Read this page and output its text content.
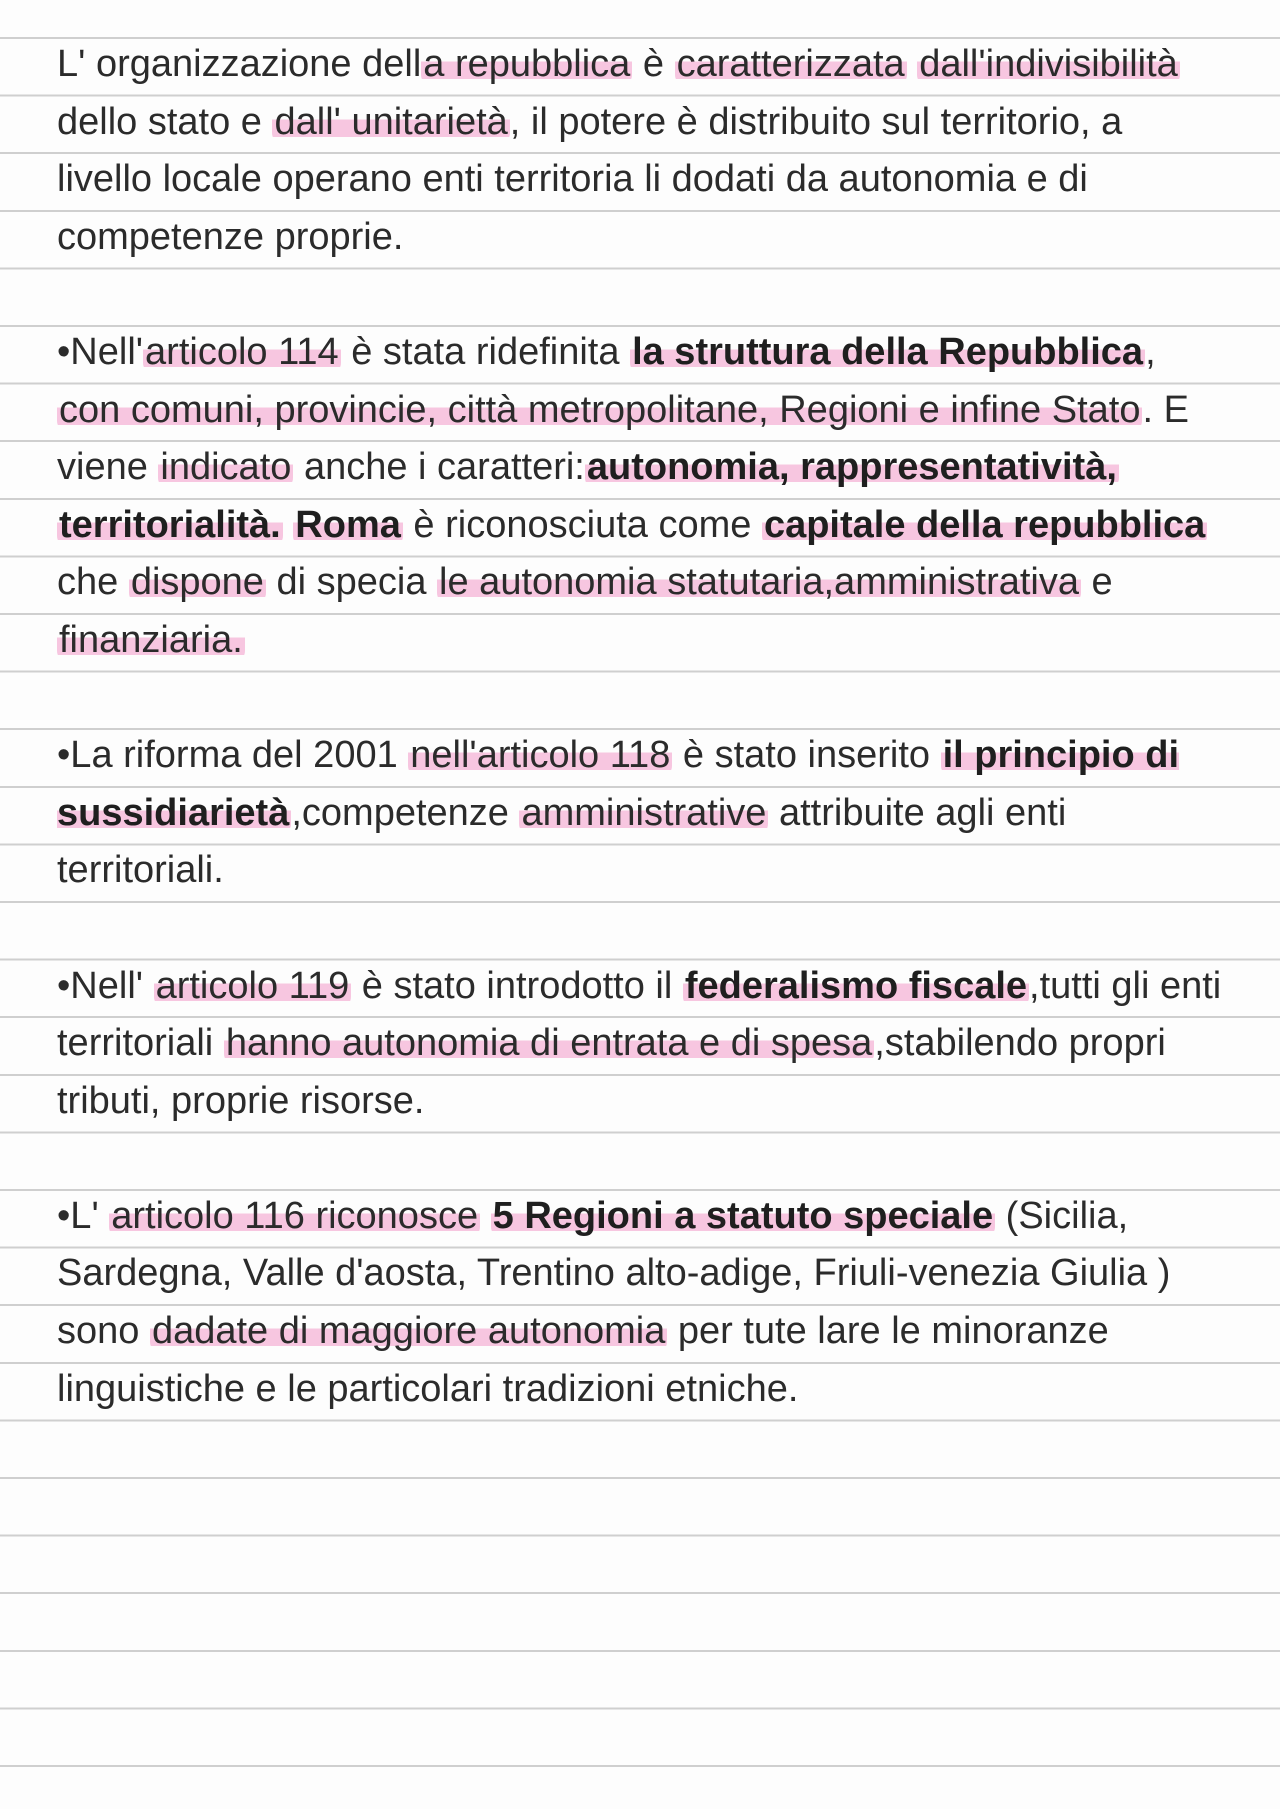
L' organizzazione della repubblica è caratterizzata dall'indivisibilità dello stato e dall' unitarietà, il potere è distribuito sul territorio, a livello locale operano enti territoria li dodati da autonomia e di competenze proprie.

•Nell'articolo 114 è stata ridefinita la struttura della Repubblica, con comuni, provincie, città metropolitane, Regioni e infine Stato. E viene indicato anche i caratteri:autonomia, rappresentatività, territorialità. Roma è riconosciuta come capitale della repubblica che dispone di specia le autonomia statutaria,amministrativa e finanziaria.

•La riforma del 2001 nell'articolo 118 è stato inserito il principio di sussidiarietà,competenze amministrative attribuite agli enti territoriali.

•Nell' articolo 119 è stato introdotto il federalismo fiscale,tutti gli enti territoriali hanno autonomia di entrata e di spesa,stabilendo propri tributi, proprie risorse.

•L' articolo 116 riconosce 5 Regioni a statuto speciale (Sicilia, Sardegna, Valle d'aosta, Trentino alto-adige, Friuli-venezia Giulia ) sono dadate di maggiore autonomia per tute lare le minoranze linguistiche e le particolari tradizioni etniche.
